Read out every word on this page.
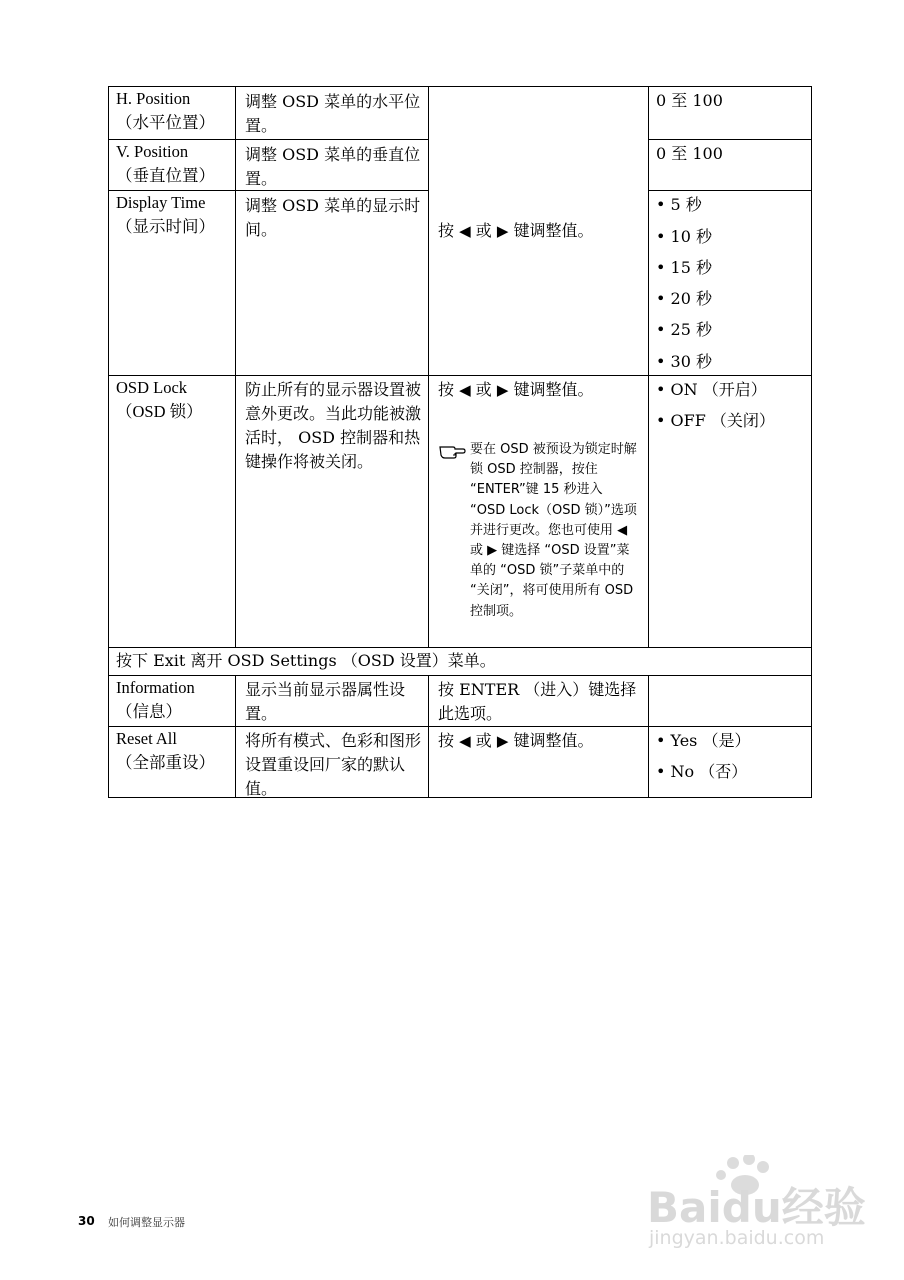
H. Position
（水平位置）
调整 OSD 菜单的水平位置。
0 至 100
V. Position
（垂直位置）
调整 OSD 菜单的垂直位置。
0 至 100
Display Time
（显示时间）
调整 OSD 菜单的显示时间。	按 ◀ 或 ▶ 键调整值。
• 5 秒
• 10 秒
• 15 秒
• 20 秒
• 25 秒
• 30 秒
OSD Lock
（OSD 锁）
防止所有的显示器设置被意外更改。当此功能被激活时， OSD 控制器和热键操作将被关闭。
按 ◀ 或 ▶ 键调整值。
要在 OSD 被预设为锁定时解锁 OSD 控制器，按住 “ENTER”键 15 秒进入 “OSD Lock（OSD 锁）”选项并进行更改。您也可使用 ◀ 或 ▶ 键选择 “OSD 设置”菜单的 “OSD 锁”子菜单中的 “关闭”，将可使用所有 OSD 控制项。
• ON （开启）
• OFF （关闭）
按下 Exit 离开 OSD Settings （OSD 设置）菜单。
Information
（信息）
显示当前显示器属性设置。
按 ENTER （进入）键选择此选项。
Reset All
（全部重设）
将所有模式、色彩和图形设置重设回厂家的默认值。
按 ◀ 或 ▶ 键调整值。	• Yes （是）
• No （否）
Baidu经验
jingyan.baidu.com
30 如何调整显示器
